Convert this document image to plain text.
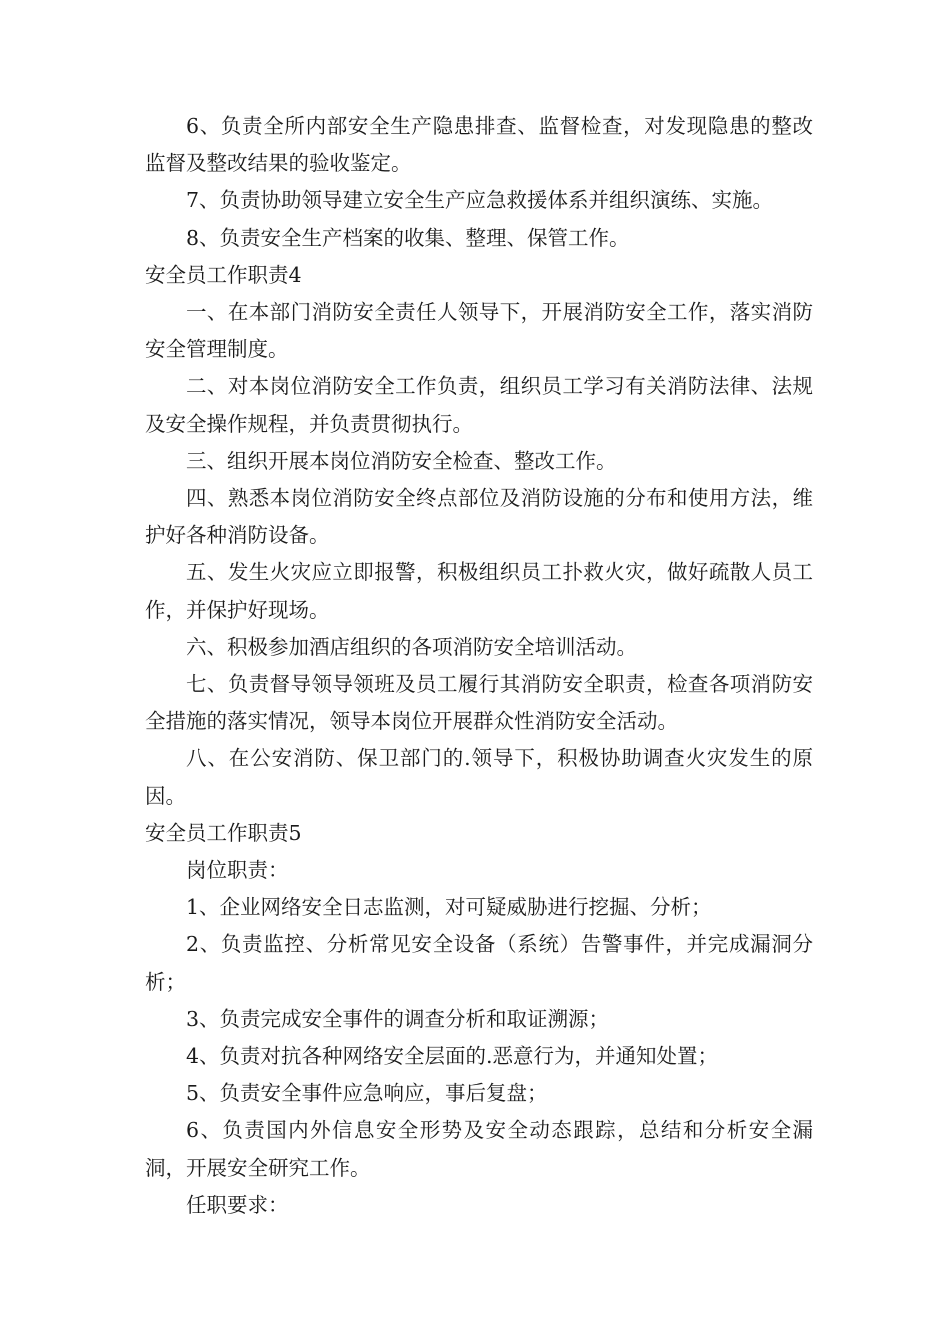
6、负责全所内部安全生产隐患排查、监督检查，对发现隐患的整改监督及整改结果的验收鉴定。

7、负责协助领导建立安全生产应急救援体系并组织演练、实施。

8、负责安全生产档案的收集、整理、保管工作。

安全员工作职责4

一、在本部门消防安全责任人领导下，开展消防安全工作，落实消防安全管理制度。

二、对本岗位消防安全工作负责，组织员工学习有关消防法律、法规及安全操作规程，并负责贯彻执行。

三、组织开展本岗位消防安全检查、整改工作。

四、熟悉本岗位消防安全终点部位及消防设施的分布和使用方法，维护好各种消防设备。

五、发生火灾应立即报警，积极组织员工扑救火灾，做好疏散人员工作，并保护好现场。

六、积极参加酒店组织的各项消防安全培训活动。

七、负责督导领导领班及员工履行其消防安全职责，检查各项消防安全措施的落实情况，领导本岗位开展群众性消防安全活动。

八、在公安消防、保卫部门的.领导下，积极协助调查火灾发生的原因。

安全员工作职责5

岗位职责：

1、企业网络安全日志监测，对可疑威胁进行挖掘、分析；

2、负责监控、分析常见安全设备（系统）告警事件，并完成漏洞分析；

3、负责完成安全事件的调查分析和取证溯源；

4、负责对抗各种网络安全层面的.恶意行为，并通知处置；

5、负责安全事件应急响应，事后复盘；

6、负责国内外信息安全形势及安全动态跟踪，总结和分析安全漏洞，开展安全研究工作。

任职要求：
